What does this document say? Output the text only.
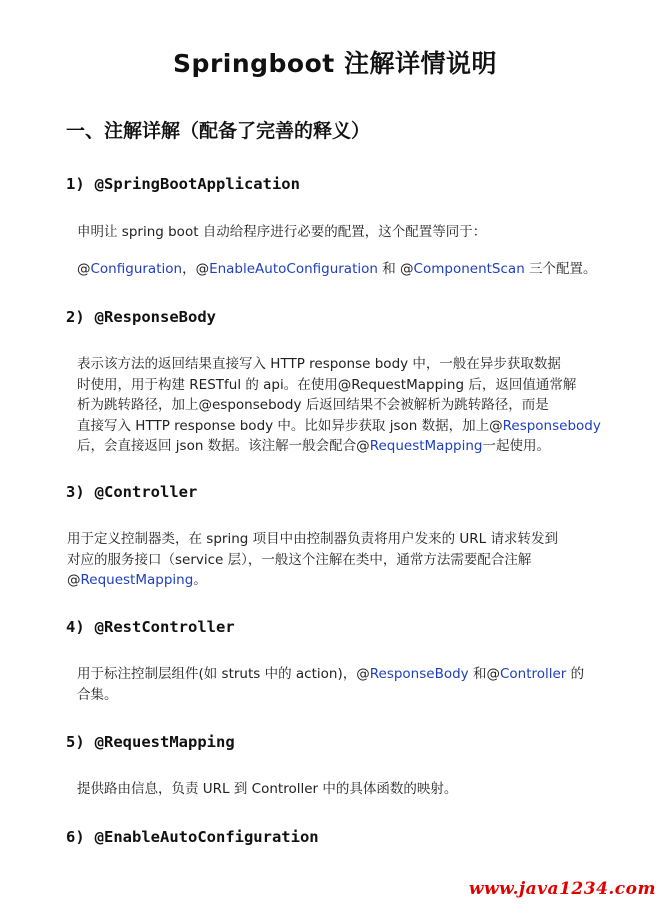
Springboot 注解详情说明
一、注解详解（配备了完善的释义）
1) @SpringBootApplication
申明让 spring boot 自动给程序进行必要的配置，这个配置等同于：
@Configuration，@EnableAutoConfiguration 和 @ComponentScan 三个配置。
2) @ResponseBody
表示该方法的返回结果直接写入 HTTP response body 中，一般在异步获取数据
时使用，用于构建 RESTful 的 api。在使用@RequestMapping 后，返回值通常解
析为跳转路径，加上@esponsebody 后返回结果不会被解析为跳转路径，而是
直接写入 HTTP response body 中。比如异步获取 json 数据，加上@Responsebody
后，会直接返回 json 数据。该注解一般会配合@RequestMapping一起使用。
3) @Controller
用于定义控制器类，在 spring 项目中由控制器负责将用户发来的 URL 请求转发到
对应的服务接口（service 层），一般这个注解在类中，通常方法需要配合注解
@RequestMapping。
4) @RestController
用于标注控制层组件(如 struts 中的 action)，@ResponseBody 和@Controller 的
合集。
5) @RequestMapping
提供路由信息，负责 URL 到 Controller 中的具体函数的映射。
6) @EnableAutoConfiguration
www.java1234.com
